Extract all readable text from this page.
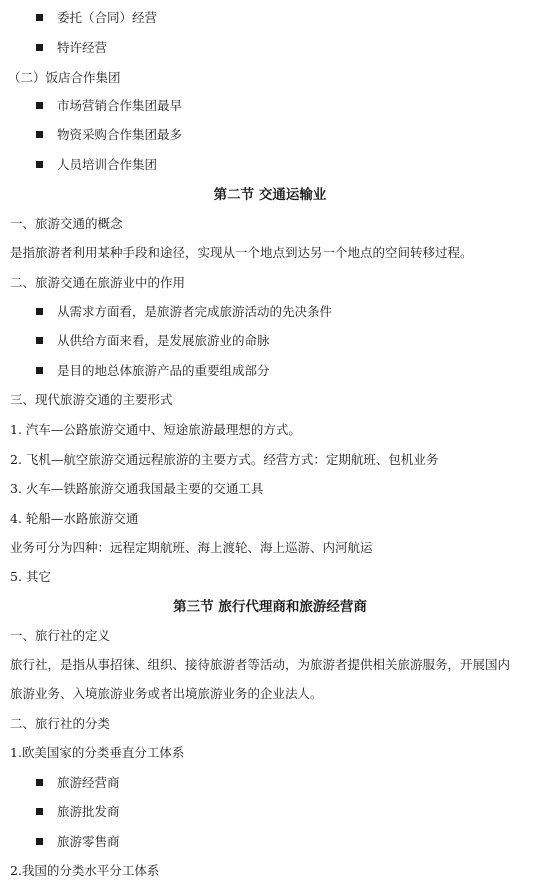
委托（合同）经营
特许经营
（二）饭店合作集团
市场营销合作集团最早
物资采购合作集团最多
人员培训合作集团
第二节 交通运输业
一、旅游交通的概念
是指旅游者利用某种手段和途径，实现从一个地点到达另一个地点的空间转移过程。
二、旅游交通在旅游业中的作用
从需求方面看，是旅游者完成旅游活动的先决条件
从供给方面来看，是发展旅游业的命脉
是目的地总体旅游产品的重要组成部分
三、现代旅游交通的主要形式
1. 汽车—公路旅游交通中、短途旅游最理想的方式。
2. 飞机—航空旅游交通远程旅游的主要方式。经营方式：定期航班、包机业务
3. 火车—铁路旅游交通我国最主要的交通工具
4. 轮船—水路旅游交通
业务可分为四种：远程定期航班、海上渡轮、海上巡游、内河航运
5. 其它
第三节 旅行代理商和旅游经营商
一、旅行社的定义
旅行社，是指从事招徕、组织、接待旅游者等活动，为旅游者提供相关旅游服务，开展国内
旅游业务、入境旅游业务或者出境旅游业务的企业法人。
二、旅行社的分类
1.欧美国家的分类垂直分工体系
旅游经营商
旅游批发商
旅游零售商
2.我国的分类水平分工体系
